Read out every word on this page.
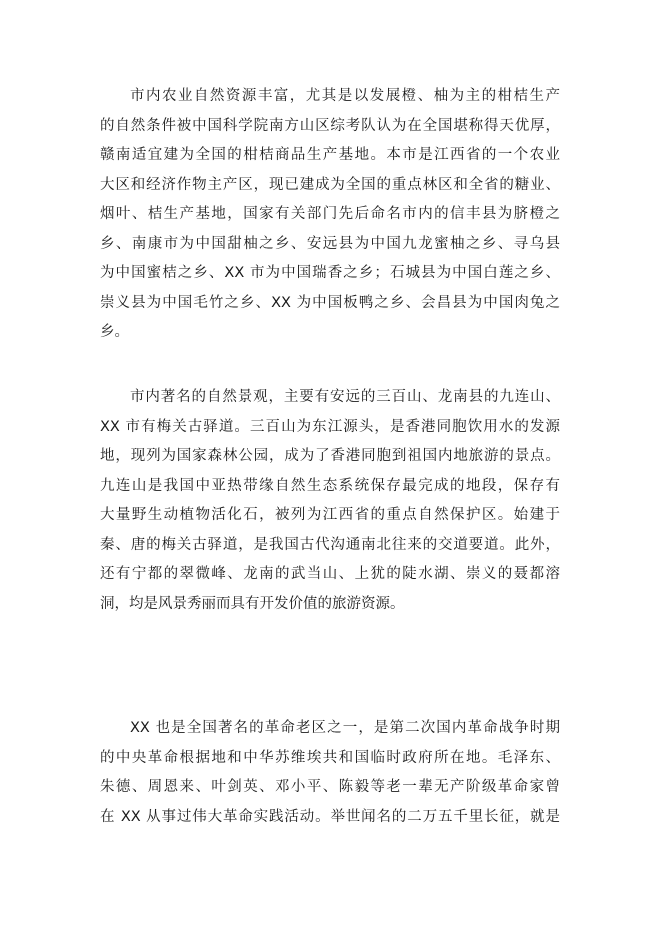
市内农业自然资源丰富，尤其是以发展橙、柚为主的柑桔生产
的自然条件被中国科学院南方山区综考队认为在全国堪称得天优厚，
赣南适宜建为全国的柑桔商品生产基地。本市是江西省的一个农业
大区和经济作物主产区，现已建成为全国的重点林区和全省的糖业、
烟叶、桔生产基地，国家有关部门先后命名市内的信丰县为脐橙之
乡、南康市为中国甜柚之乡、安远县为中国九龙蜜柚之乡、寻乌县
为中国蜜桔之乡、XX 市为中国瑞香之乡；石城县为中国白莲之乡、
崇义县为中国毛竹之乡、XX 为中国板鸭之乡、会昌县为中国肉兔之
乡。
市内著名的自然景观，主要有安远的三百山、龙南县的九连山、
XX 市有梅关古驿道。三百山为东江源头，是香港同胞饮用水的发源
地，现列为国家森林公园，成为了香港同胞到祖国内地旅游的景点。
九连山是我国中亚热带缘自然生态系统保存最完成的地段，保存有
大量野生动植物活化石，被列为江西省的重点自然保护区。始建于
秦、唐的梅关古驿道，是我国古代沟通南北往来的交道要道。此外，
还有宁都的翠微峰、龙南的武当山、上犹的陡水湖、崇义的聂都溶
洞，均是风景秀丽而具有开发价值的旅游资源。
XX 也是全国著名的革命老区之一，是第二次国内革命战争时期
的中央革命根据地和中华苏维埃共和国临时政府所在地。毛泽东、
朱德、周恩来、叶剑英、邓小平、陈毅等老一辈无产阶级革命家曾
在 XX 从事过伟大革命实践活动。举世闻名的二万五千里长征，就是
